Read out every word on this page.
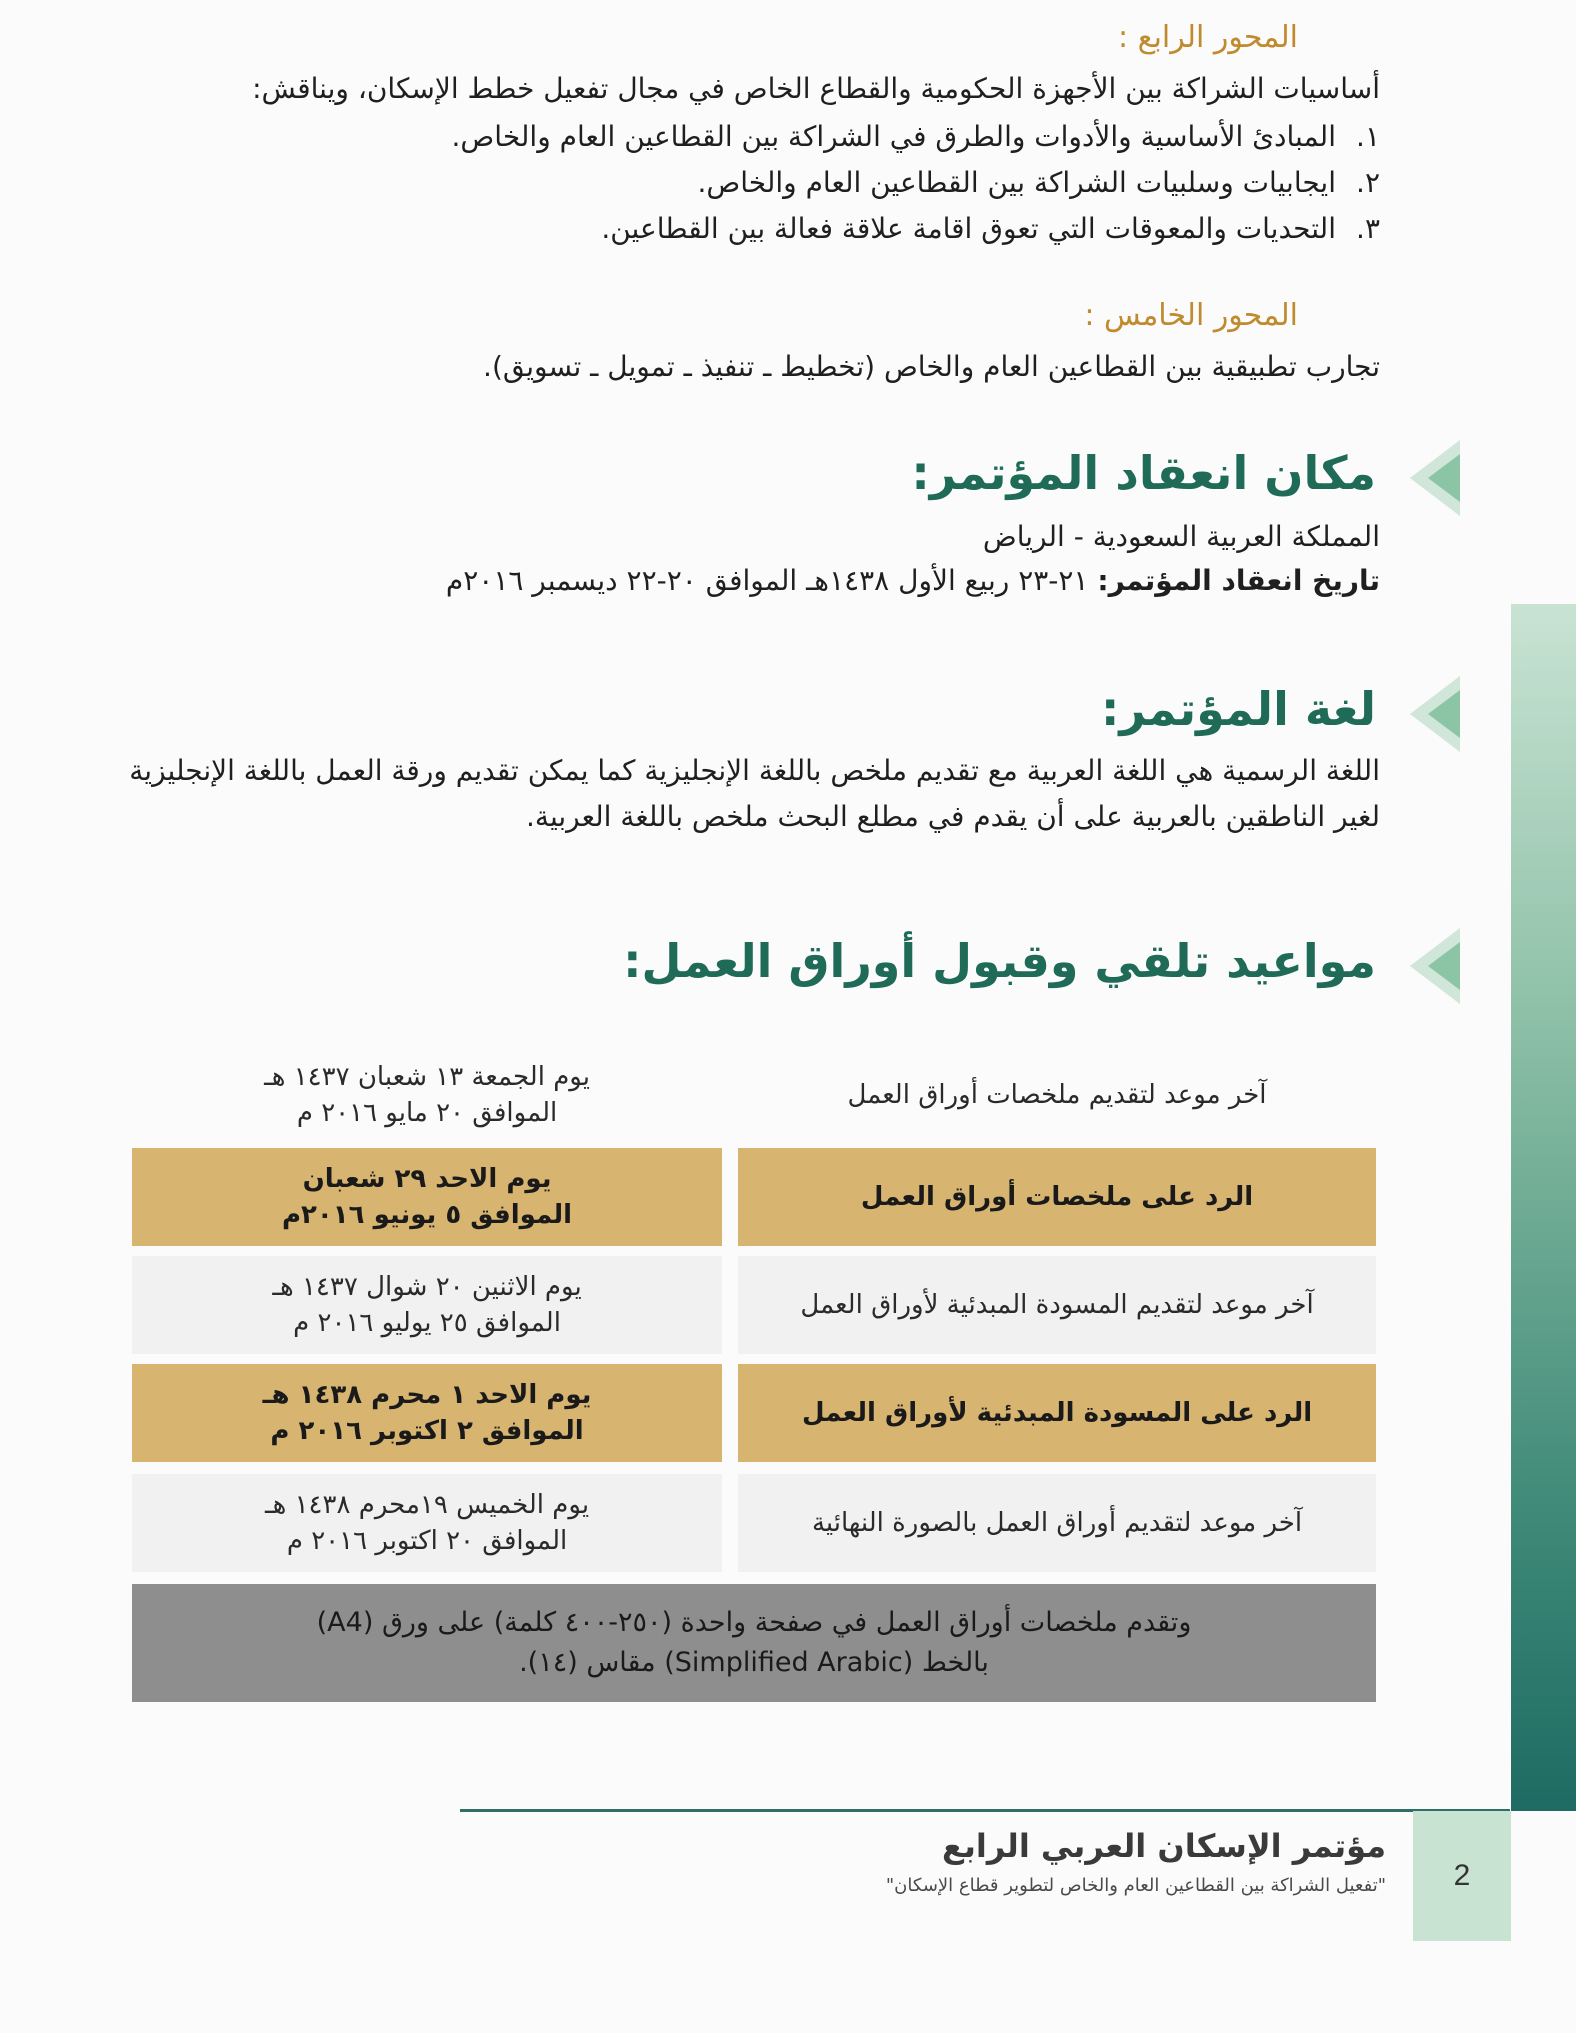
المحور الرابع :
أساسيات الشراكة بين الأجهزة الحكومية والقطاع الخاص في مجال تفعيل خطط الإسكان، ويناقش:
١.
المبادئ الأساسية والأدوات والطرق في الشراكة بين القطاعين العام والخاص.
٢.
ايجابيات وسلبيات الشراكة بين القطاعين العام والخاص.
٣.
التحديات والمعوقات التي تعوق اقامة علاقة فعالة بين القطاعين.
المحور الخامس :
تجارب تطبيقية بين القطاعين العام والخاص (تخطيط ـ تنفيذ ـ تمويل ـ تسويق).
مكان انعقاد المؤتمر:
المملكة العربية السعودية - الرياض
تاريخ انعقاد المؤتمر: ٢١-٢٣ ربيع الأول ١٤٣٨هـ الموافق ٢٠-٢٢ ديسمبر ٢٠١٦م
لغة المؤتمر:
اللغة الرسمية هي اللغة العربية مع تقديم ملخص باللغة الإنجليزية كما يمكن تقديم ورقة العمل باللغة الإنجليزية
لغير الناطقين بالعربية على أن يقدم في مطلع البحث ملخص باللغة العربية.
مواعيد تلقي وقبول أوراق العمل:
آخر موعد لتقديم ملخصات أوراق العمل
يوم الجمعة ١٣ شعبان ١٤٣٧ هـ
الموافق ٢٠ مايو ٢٠١٦ م
الرد على ملخصات أوراق العمل
يوم الاحد ٢٩ شعبان
الموافق ٥ يونيو ٢٠١٦م
آخر موعد لتقديم المسودة المبدئية لأوراق العمل
يوم الاثنين ٢٠ شوال ١٤٣٧ هـ
الموافق ٢٥ يوليو ٢٠١٦ م
الرد على المسودة المبدئية لأوراق العمل
يوم الاحد ١ محرم ١٤٣٨ هـ
الموافق ٢ اكتوبر ٢٠١٦ م
آخر موعد لتقديم أوراق العمل بالصورة النهائية
يوم الخميس ١٩محرم ١٤٣٨ هـ
الموافق ٢٠ اكتوبر ٢٠١٦ م
وتقدم ملخصات أوراق العمل في صفحة واحدة (٢٥٠-٤٠٠ كلمة) على ورق (A4)
بالخط (Simplified Arabic) مقاس (١٤).
مؤتمر الإسكان العربي الرابع
"تفعيل الشراكة بين القطاعين العام والخاص لتطوير قطاع الإسكان"	2
